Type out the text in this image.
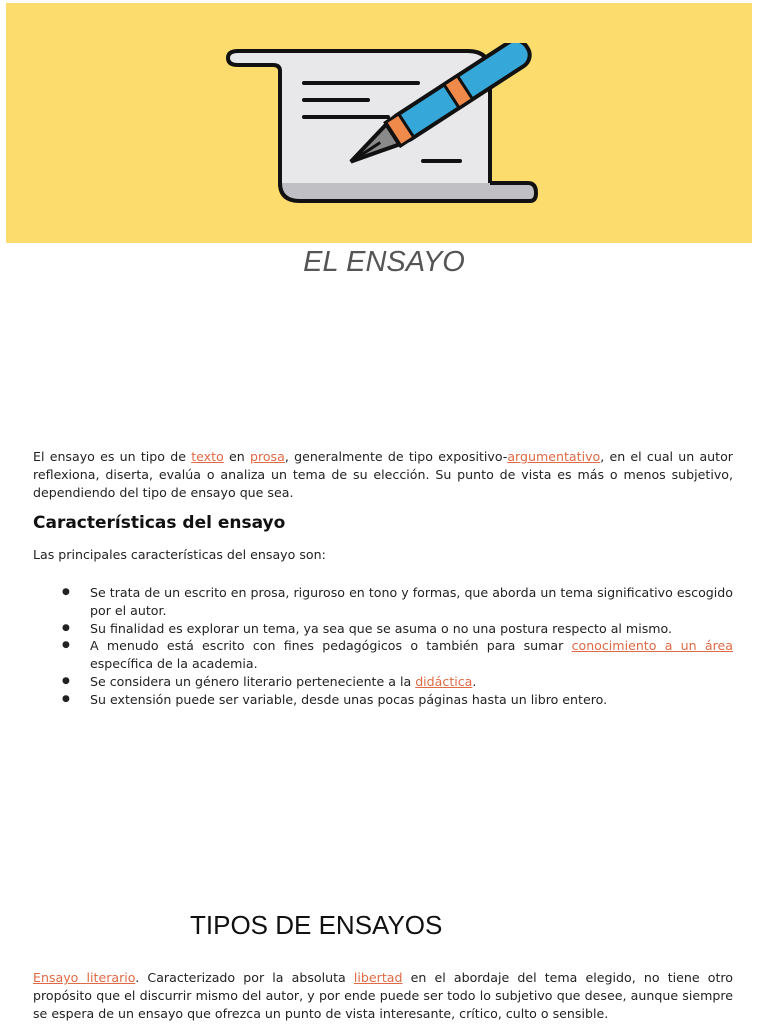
EL ENSAYO
El ensayo es un tipo de texto en prosa, generalmente de tipo expositivo-argumentativo, en el cual un autor reflexiona, diserta, evalúa o analiza un tema de su elección. Su punto de vista es más o menos subjetivo, dependiendo del tipo de ensayo que sea.
Características del ensayo
Las principales características del ensayo son:
● Se trata de un escrito en prosa, riguroso en tono y formas, que aborda un tema significativo escogido por el autor.
● Su finalidad es explorar un tema, ya sea que se asuma o no una postura respecto al mismo.
● A menudo está escrito con fines pedagógicos o también para sumar conocimiento a un área específica de la academia.
● Se considera un género literario perteneciente a la didáctica.
● Su extensión puede ser variable, desde unas pocas páginas hasta un libro entero.
TIPOS DE ENSAYOS
Ensayo literario. Caracterizado por la absoluta libertad en el abordaje del tema elegido, no tiene otro propósito que el discurrir mismo del autor, y por ende puede ser todo lo subjetivo que desee, aunque siempre se espera de un ensayo que ofrezca un punto de vista interesante, crítico, culto o sensible.
